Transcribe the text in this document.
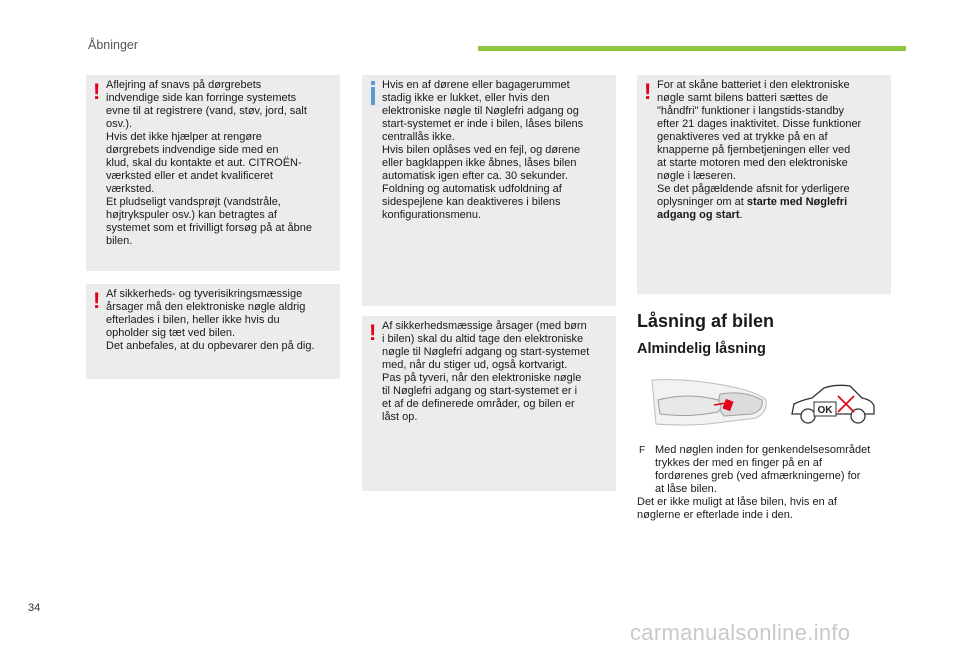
Åbninger
! Aflejring af snavs på dørgrebets
indvendige side kan forringe systemets
evne til at registrere (vand, støv, jord, salt
osv.).
Hvis det ikke hjælper at rengøre
dørgrebets indvendige side med en
klud, skal du kontakte et aut. CITROËN-
værksted eller et andet kvalificeret
værksted.
Et pludseligt vandsprøjt (vandstråle,
højtrykspuler osv.) kan betragtes af
systemet som et frivilligt forsøg på at åbne
bilen.

! Af sikkerheds- og tyverisikringsmæssige
årsager må den elektroniske nøgle aldrig
efterlades i bilen, heller ikke hvis du
opholder sig tæt ved bilen.
Det anbefales, at du opbevarer den på dig.

Hvis en af dørene eller bagagerummet
stadig ikke er lukket, eller hvis den
elektroniske nøgle til Nøglefri adgang og
start-systemet er inde i bilen, låses bilens
centrallås ikke.
Hvis bilen oplåses ved en fejl, og dørene
eller bagklappen ikke åbnes, låses bilen
automatisk igen efter ca. 30 sekunder.
Foldning og automatisk udfoldning af
sidespejlene kan deaktiveres i bilens
konfigurationsmenu.

! Af sikkerhedsmæssige årsager (med børn
i bilen) skal du altid tage den elektroniske
nøgle til Nøglefri adgang og start-systemet
med, når du stiger ud, også kortvarigt.
Pas på tyveri, når den elektroniske nøgle
til Nøglefri adgang og start-systemet er i
et af de definerede områder, og bilen er
låst op.

! For at skåne batteriet i den elektroniske
nøgle samt bilens batteri sættes de
"håndfri" funktioner i langstids-standby
efter 21 dages inaktivitet. Disse funktioner
genaktiveres ved at trykke på en af
knapperne på fjernbetjeningen eller ved
at starte motoren med den elektroniske
nøgle i læseren.
Se det pågældende afsnit for yderligere
oplysninger om at starte med Nøglefri
adgang og start.

Låsning af bilen
Almindelig låsning
OK
F Med nøglen inden for genkendelsesområdet
trykkes der med en finger på en af
fordørenes greb (ved afmærkningerne) for
at låse bilen.
Det er ikke muligt at låse bilen, hvis en af
nøglerne er efterlade inde i den.
34
carmanualsonline.info
